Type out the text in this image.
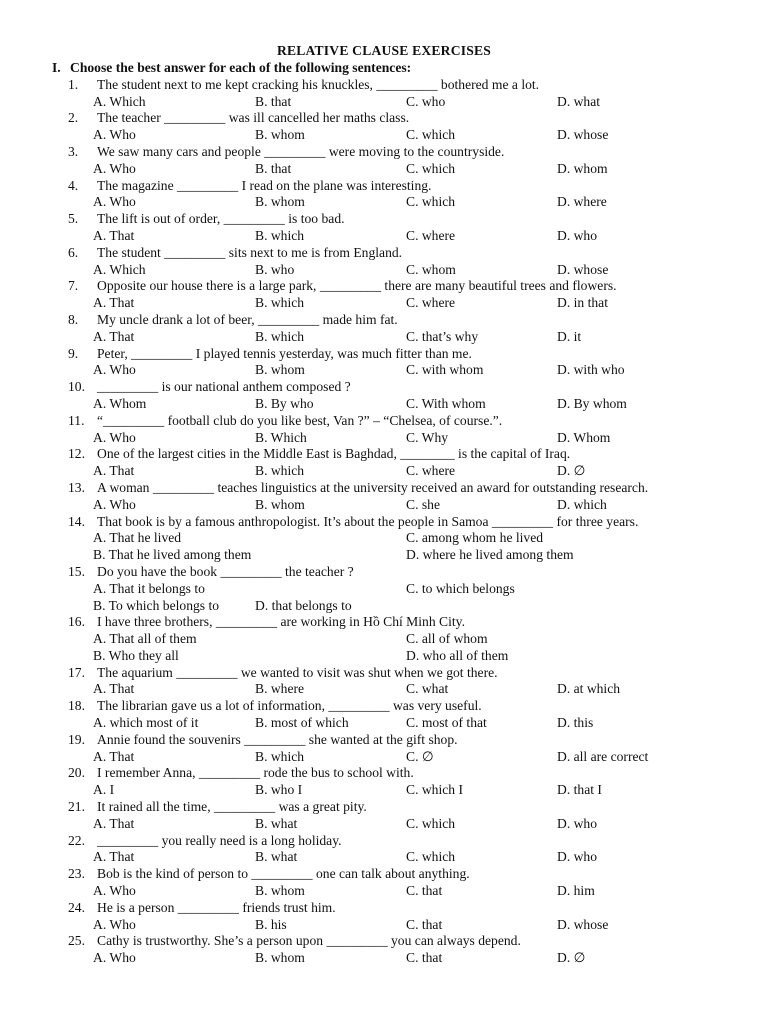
RELATIVE CLAUSE EXERCISES
I. Choose the best answer for each of the following sentences:
1.	The student next to me kept cracking his knuckles, _________ bothered me a lot.
A. Which	B. that	C. who	D. what
2.	The teacher _________ was ill cancelled her maths class.
A. Who	B. whom	C. which	D. whose
3.	We saw many cars and people _________ were moving to the countryside.
A. Who	B. that	C. which	D. whom
4.	The magazine _________ I read on the plane was interesting.
A. Who	B. whom	C. which	D. where
5.	The lift is out of order, _________ is too bad.
A. That	B. which	C. where	D. who
6.	The student _________ sits next to me is from England.
A. Which	B. who	C. whom	D. whose
7.	Opposite our house there is a large park, _________ there are many beautiful trees and flowers.
A. That	B. which	C. where	D. in that
8.	My uncle drank a lot of beer, _________ made him fat.
A. That	B. which	C. that’s why	D. it
9.	Peter, _________ I played tennis yesterday, was much fitter than me.
A. Who	B. whom	C. with whom	D. with who
10. _________ is our national anthem composed ?
A. Whom	B. By who	C. With whom	D. By whom
11. “_________ football club do you like best, Van ?” – “Chelsea, of course.”.
A. Who	B. Which	C. Why	D. Whom
12. One of the largest cities in the Middle East is Baghdad, ________ is the capital of Iraq.
A. That	B. which	C. where	D. ∅
13. A woman _________ teaches linguistics at the university received an award for outstanding research.
A. Who	B. whom	C. she	D. which
14. That book is by a famous anthropologist. It’s about the people in Samoa _________ for three years.
A. That he lived	C. among whom he lived
B. That he lived among them	D. where he lived among them
15. Do you have the book _________ the teacher ?
A. That it belongs to	C. to which belongs
B. To which belongs to	D. that belongs to
16. I have three brothers, _________ are working in Hồ Chí Minh City.
A. That all of them	C. all of whom
B. Who they all	D. who all of them
17. The aquarium _________ we wanted to visit was shut when we got there.
A. That	B. where	C. what	D. at which
18. The librarian gave us a lot of information, _________ was very useful.
A. which most of it	B. most of which	C. most of that	D. this
19. Annie found the souvenirs _________ she wanted at the gift shop.
A. That	B. which	C. ∅	D. all are correct
20. I remember Anna, _________ rode the bus to school with.
A. I	B. who I	C. which I	D. that I
21. It rained all the time, _________ was a great pity.
A. That	B. what	C. which	D. who
22. _________ you really need is a long holiday.
A. That	B. what	C. which	D. who
23. Bob is the kind of person to _________ one can talk about anything.
A. Who	B. whom	C. that	D. him
24. He is a person _________ friends trust him.
A. Who	B. his	C. that	D. whose
25. Cathy is trustworthy. She’s a person upon _________ you can always depend.
A. Who	B. whom	C. that	D. ∅
